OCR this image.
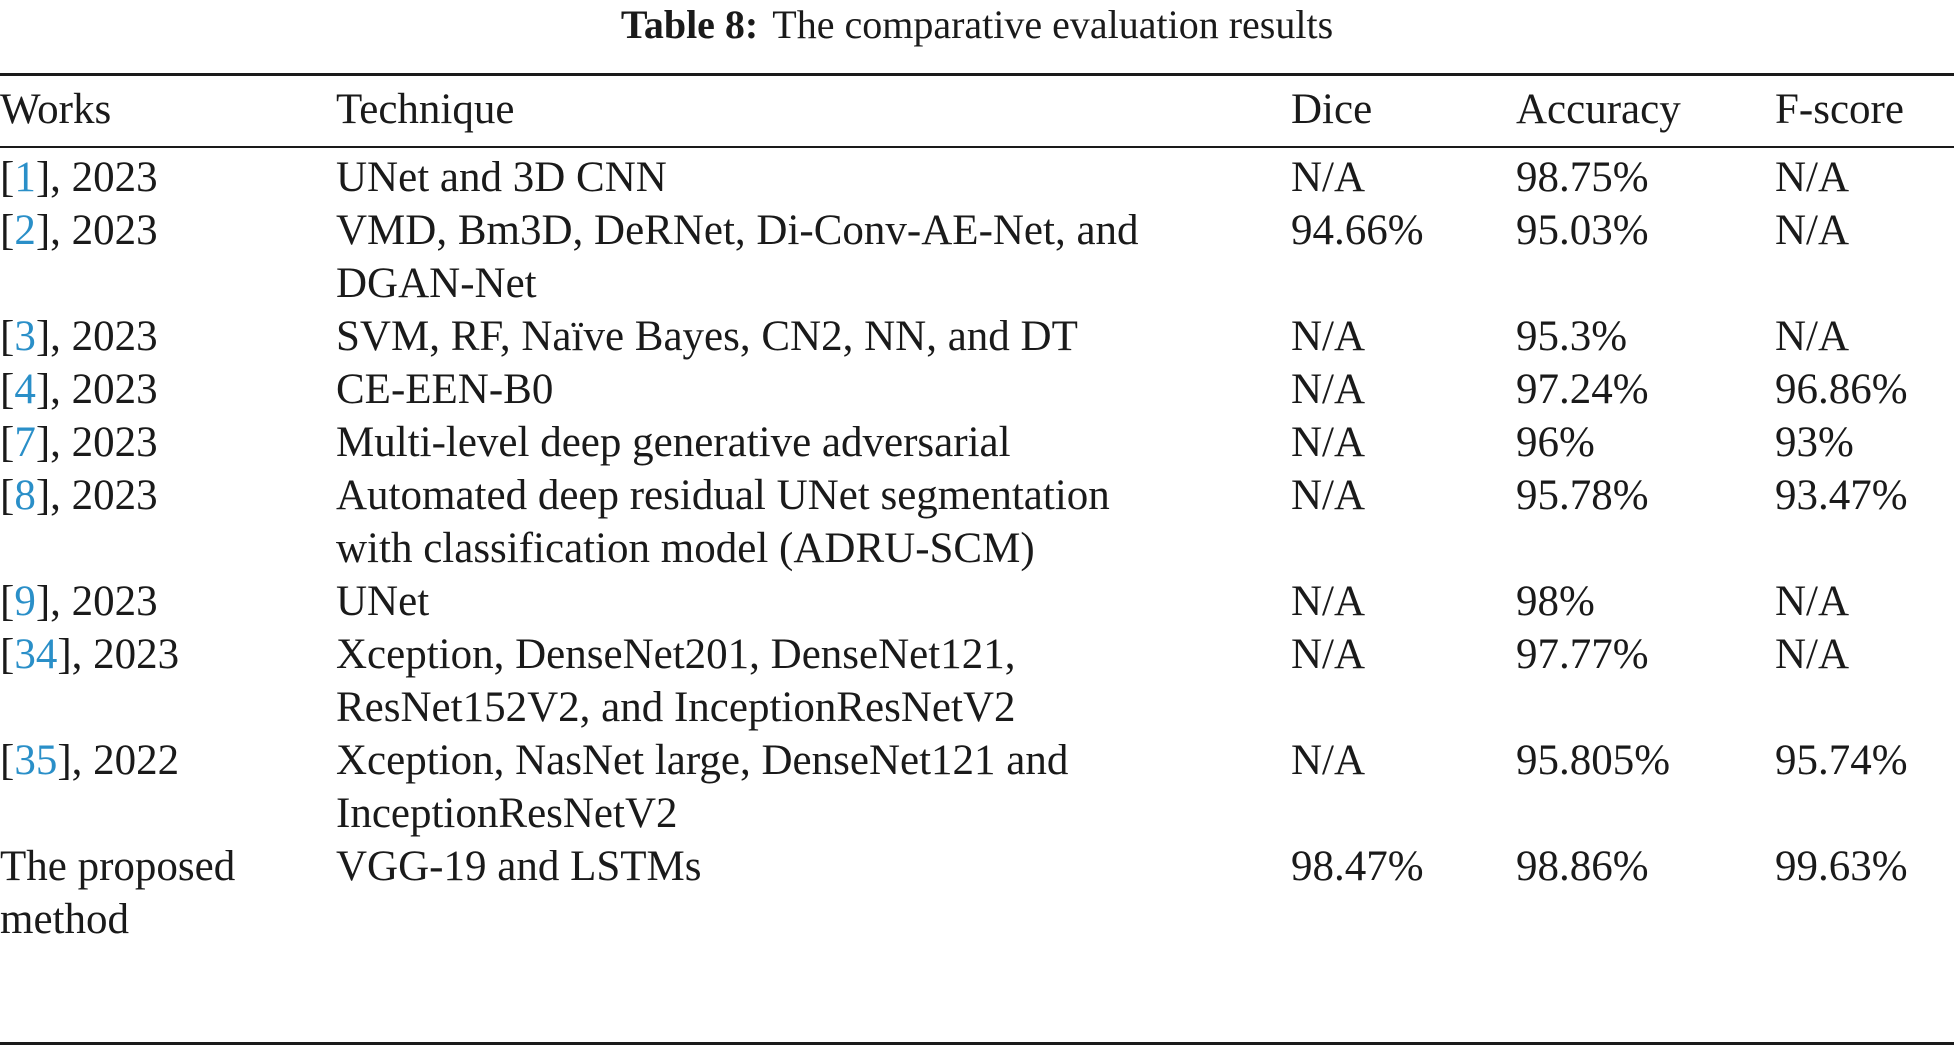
Table 8: The comparative evaluation results
Works	Technique	Dice	Accuracy	F-score
[1], 2023	UNet and 3D CNN	N/A	98.75%	N/A
[2], 2023	VMD, Bm3D, DeRNet, Di-Conv-AE-Net, and
DGAN-Net	94.66%	95.03%	N/A
[3], 2023	SVM, RF, Naïve Bayes, CN2, NN, and DT	N/A	95.3%	N/A
[4], 2023	CE-EEN-B0	N/A	97.24%	96.86%
[7], 2023	Multi-level deep generative adversarial	N/A	96%	93%
[8], 2023	Automated deep residual UNet segmentation
with classification model (ADRU-SCM)	N/A	95.78%	93.47%
[9], 2023	UNet	N/A	98%	N/A
[34], 2023	Xception, DenseNet201, DenseNet121,
ResNet152V2, and InceptionResNetV2	N/A	97.77%	N/A
[35], 2022	Xception, NasNet large, DenseNet121 and
InceptionResNetV2	N/A	95.805%	95.74%

The proposed
method	VGG-19 and LSTMs	98.47%	98.86%	99.63%
